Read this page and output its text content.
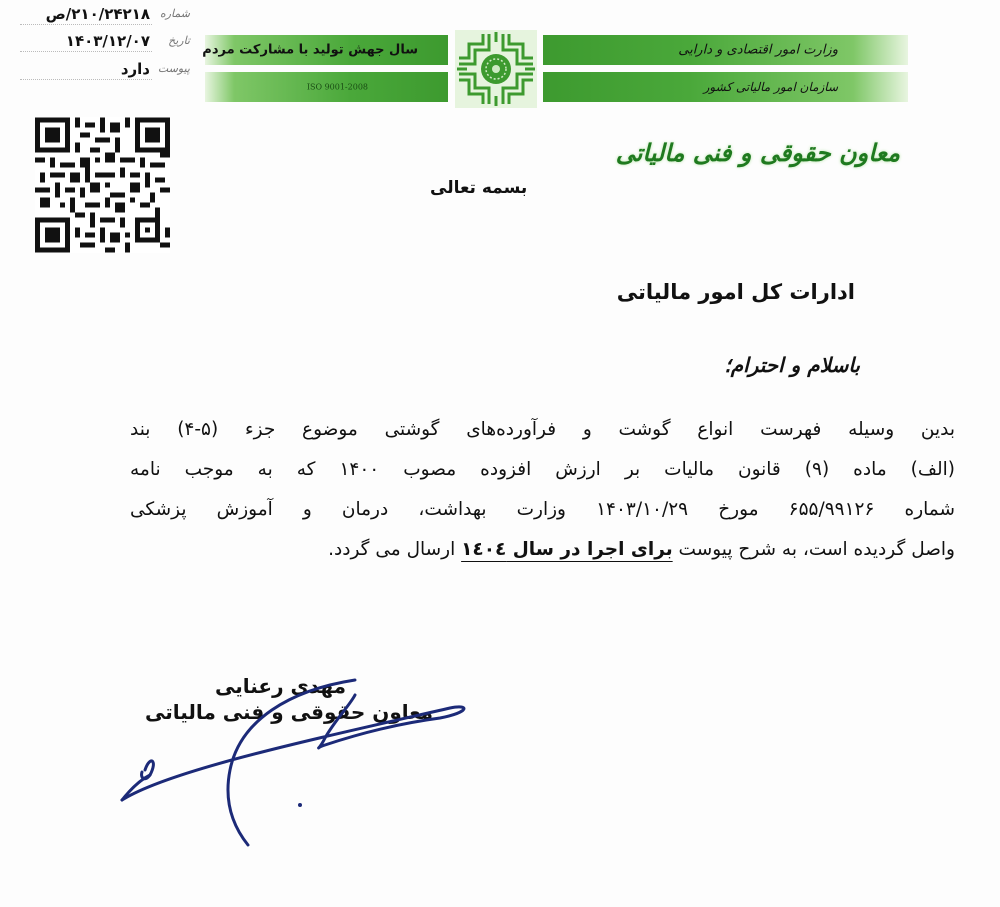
شماره
۲۱۰/۲۴۲۱۸/ص
تاریخ
۱۴۰۳/۱۲/۰۷
پیوست
دارد
سال جهش تولید با مشارکت مردم
ISO 9001-2008
وزارت امور اقتصادی و دارایی
سازمان امور مالیاتی کشور
معاون حقوقی و فنی مالیاتی
بسمه تعالی
ادارات کل امور مالیاتی
باسلام و احترام؛
بدین وسیله فهرست انواع گوشت و فرآورده‌های گوشتی موضوع جزء (۵-۴) بند
(الف) ماده (۹) قانون مالیات بر ارزش افزوده مصوب ۱۴۰۰ که به موجب نامه
شماره ۶۵۵/۹۹۱۲۶ مورخ ۱۴۰۳/۱۰/۲۹ وزارت بهداشت، درمان و آموزش پزشکی
واصل گردیده است، به شرح پیوست برای اجرا در سال ۱٤۰٤ ارسال می گردد.
مهدی رعنایی
معاون حقوقی و فنی مالیاتی
